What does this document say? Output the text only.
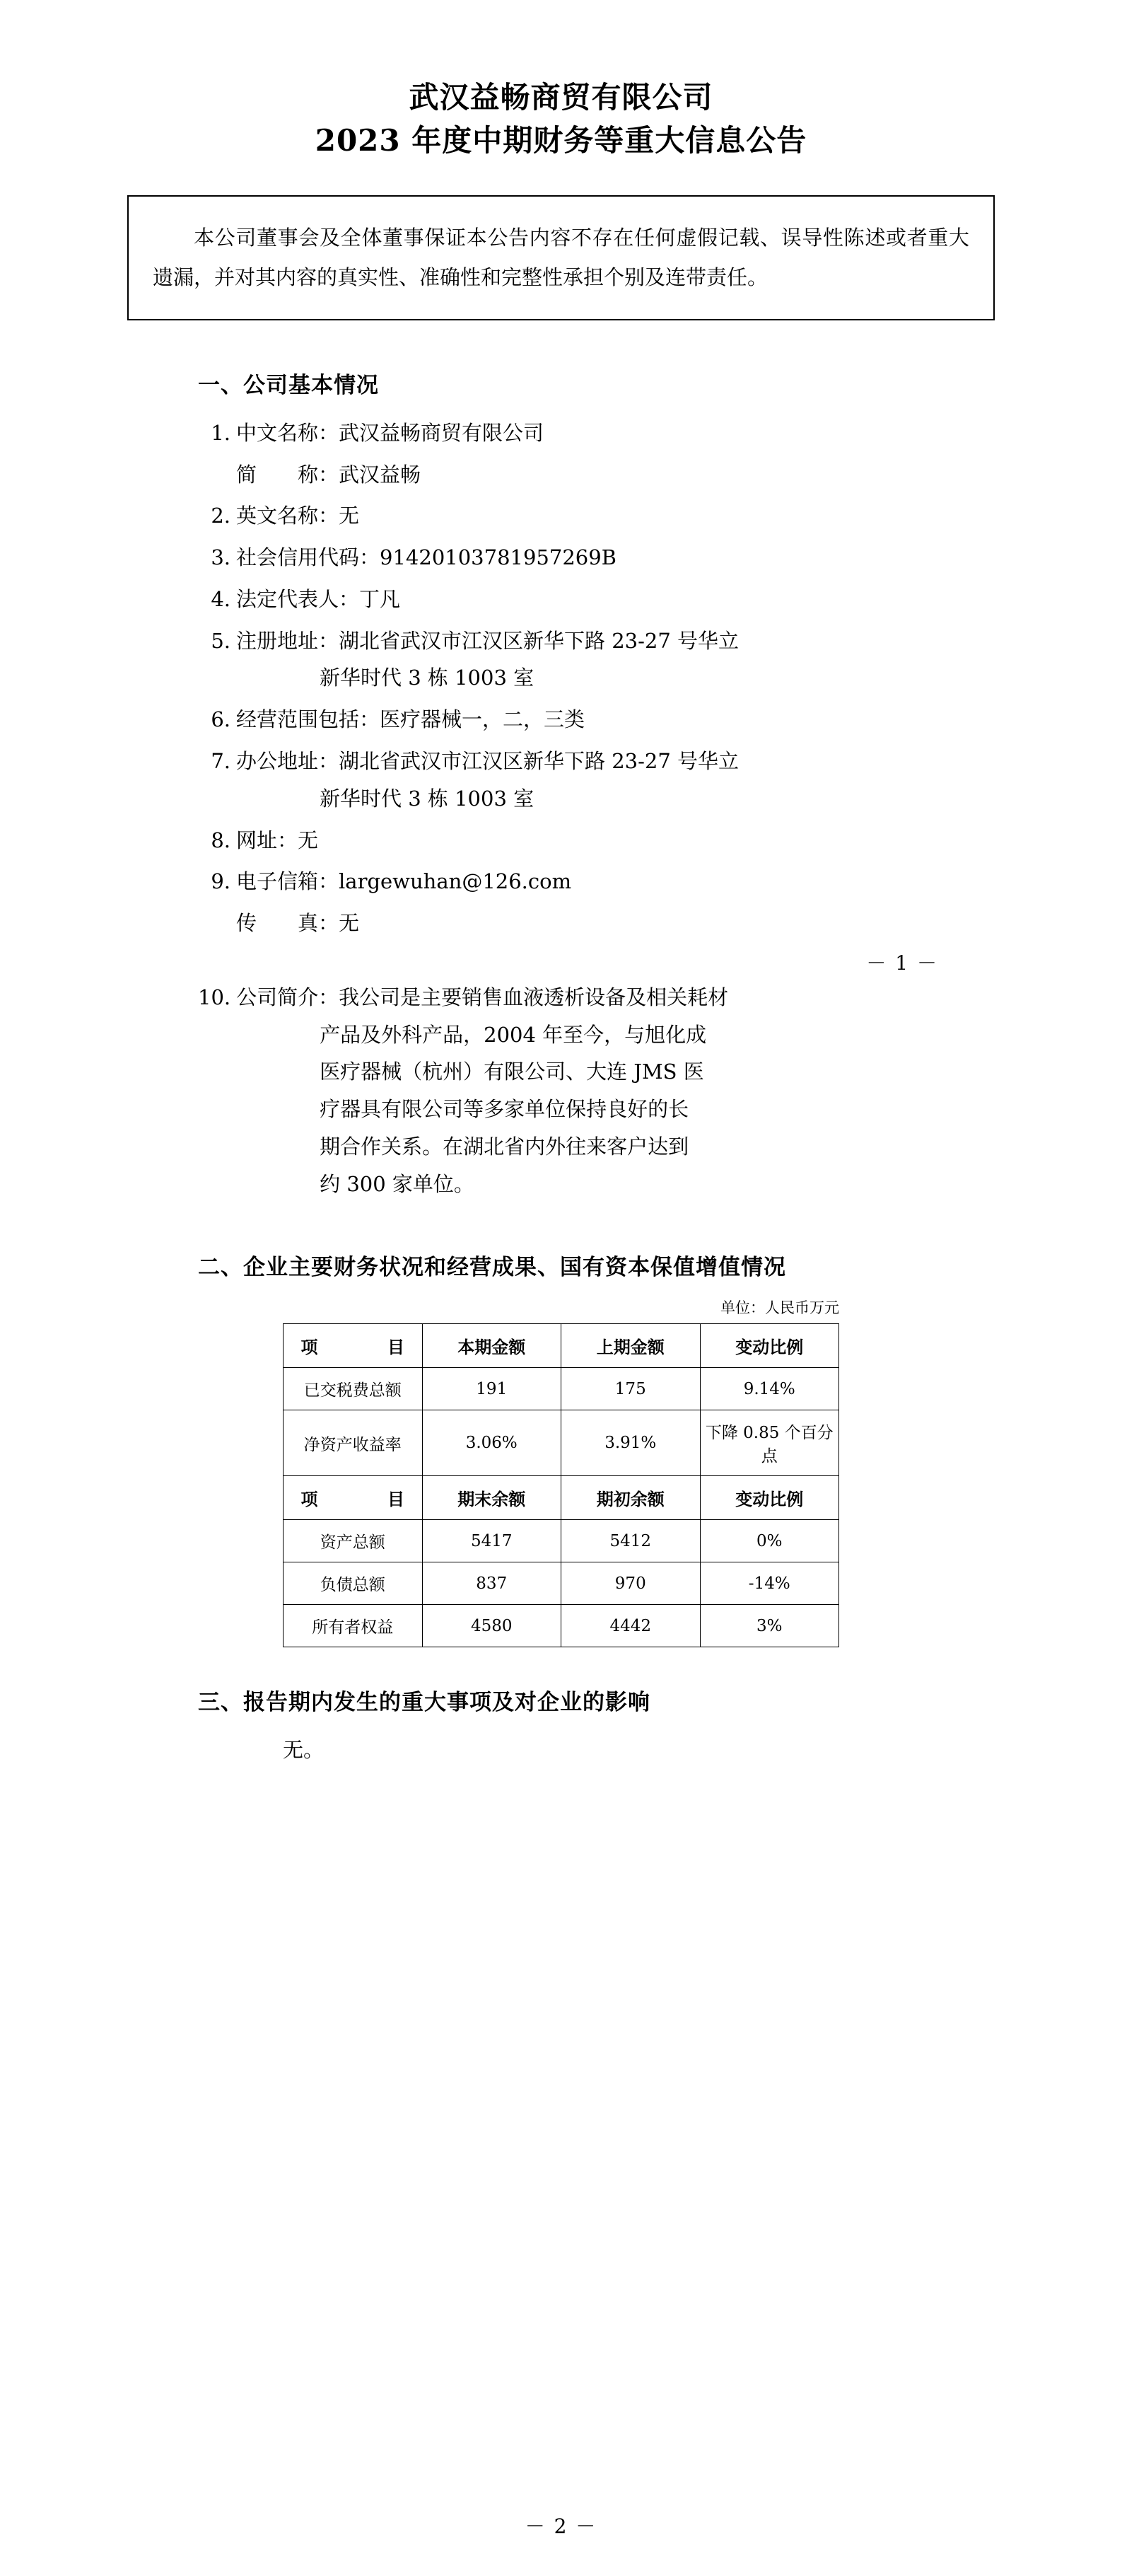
武汉益畅商贸有限公司
2023 年度中期财务等重大信息公告

本公司董事会及全体董事保证本公告内容不存在任何虚假记载、误导性陈述或者重大遗漏，并对其内容的真实性、准确性和完整性承担个别及连带责任。

一、公司基本情况
1. 中文名称：武汉益畅商贸有限公司
简　　称：武汉益畅
2. 英文名称：无
3. 社会信用代码：91420103781957269B
4. 法定代表人：丁凡
5. 注册地址：湖北省武汉市江汉区新华下路 23-27 号华立
新华时代 3 栋 1003 室
6. 经营范围包括：医疗器械一，二，三类
7. 办公地址：湖北省武汉市江汉区新华下路 23-27 号华立
新华时代 3 栋 1003 室
8. 网址：无
9. 电子信箱：largewuhan@126.com
传　　真：无
－ 1 －
10. 公司简介：我公司是主要销售血液透析设备及相关耗材
产品及外科产品，2004 年至今，与旭化成
医疗器械（杭州）有限公司、大连 JMS 医
疗器具有限公司等多家单位保持良好的长
期合作关系。在湖北省内外往来客户达到
约 300 家单位。
二、企业主要财务状况和经营成果、国有资本保值增值情况
单位：人民币万元
项　　目	本期金额	上期金额	变动比例
已交税费总额	191	175	9.14%
净资产收益率	3.06%	3.91%	下降 0.85 个百分点
项　　目	期末余额	期初余额	变动比例
资产总额	5417	5412	0%
负债总额	837	970	-14%
所有者权益	4580	4442	3%
三、报告期内发生的重大事项及对企业的影响
无。
－ 2 －
